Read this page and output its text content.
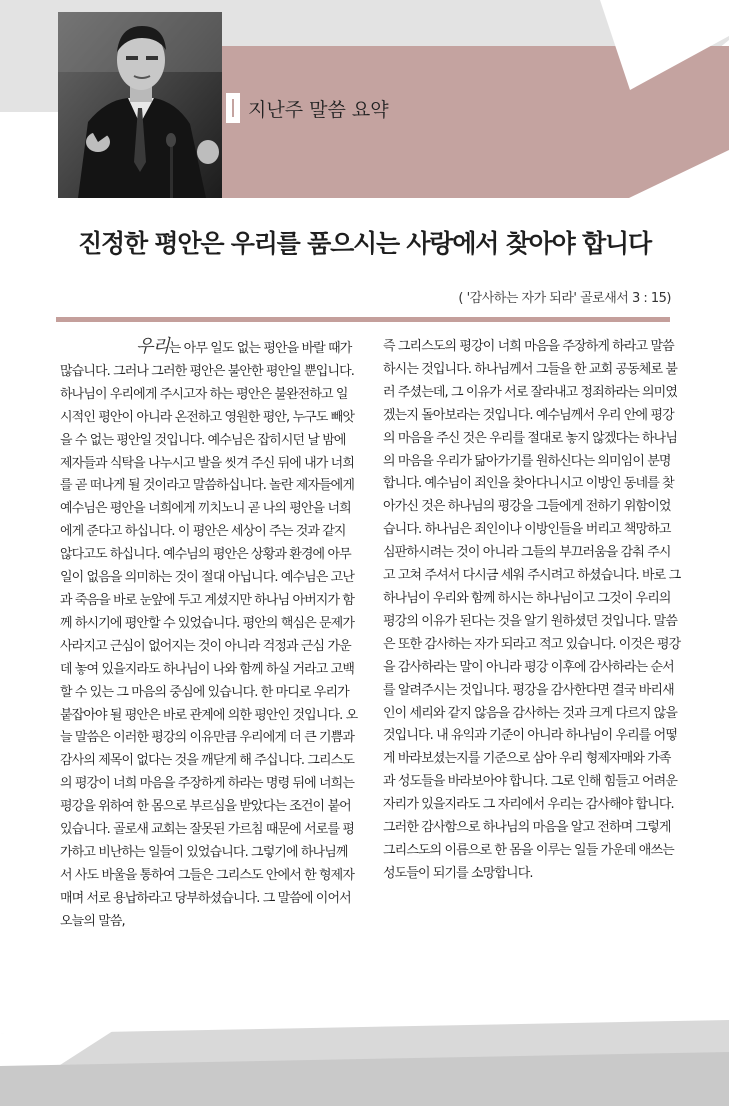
지난주 말씀 요약
진정한 평안은 우리를 품으시는 사랑에서 찾아야 합니다
( '감사하는 자가 되라' 골로새서 3 : 15)

우리는 아무 일도 없는 평안을 바랄 때가 많습니다. 그러나 그러한 평안은 불안한 평안일 뿐입니다. 하나님이 우리에게 주시고자 하는 평안은 불완전하고 일시적인 평안이 아니라 온전하고 영원한 평안, 누구도 빼앗을 수 없는 평안일 것입니다. 예수님은 잡히시던 날 밤에 제자들과 식탁을 나누시고 발을 씻겨 주신 뒤에 내가 너희를 곧 떠나게 될 것이라고 말씀하십니다. 놀란 제자들에게 예수님은 평안을 너희에게 끼치노니 곧 나의 평안을 너희에게 준다고 하십니다. 이 평안은 세상이 주는 것과 같지 않다고도 하십니다. 예수님의 평안은 상황과 환경에 아무 일이 없음을 의미하는 것이 절대 아닙니다. 예수님은 고난과 죽음을 바로 눈앞에 두고 계셨지만 하나님 아버지가 함께 하시기에 평안할 수 있었습니다. 평안의 핵심은 문제가 사라지고 근심이 없어지는 것이 아니라 걱정과 근심 가운데 놓여 있을지라도 하나님이 나와 함께 하실 거라고 고백할 수 있는 그 마음의 중심에 있습니다. 한 마디로 우리가 붙잡아야 될 평안은 바로 관계에 의한 평안인 것입니다. 오늘 말씀은 이러한 평강의 이유만큼 우리에게 더 큰 기쁨과 감사의 제목이 없다는 것을 깨닫게 해 주십니다. 그리스도의 평강이 너희 마음을 주장하게 하라는 명령 뒤에 너희는 평강을 위하여 한 몸으로 부르심을 받았다는 조건이 붙어 있습니다. 골로새 교회는 잘못된 가르침 때문에 서로를 평가하고 비난하는 일들이 있었습니다. 그렇기에 하나님께서 사도 바울을 통하여 그들은 그리스도 안에서 한 형제자매며 서로 용납하라고 당부하셨습니다. 그 말씀에 이어서 오늘의 말씀,

즉 그리스도의 평강이 너희 마음을 주장하게 하라고 말씀하시는 것입니다. 하나님께서 그들을 한 교회 공동체로 불러 주셨는데, 그 이유가 서로 잘라내고 정죄하라는 의미였겠는지 돌아보라는 것입니다. 예수님께서 우리 안에 평강의 마음을 주신 것은 우리를 절대로 놓지 않겠다는 하나님의 마음을 우리가 닮아가기를 원하신다는 의미임이 분명합니다. 예수님이 죄인을 찾아다니시고 이방인 동네를 찾아가신 것은 하나님의 평강을 그들에게 전하기 위함이었습니다. 하나님은 죄인이나 이방인들을 버리고 책망하고 심판하시려는 것이 아니라 그들의 부끄러움을 감춰 주시고 고쳐 주셔서 다시금 세워 주시려고 하셨습니다. 바로 그 하나님이 우리와 함께 하시는 하나님이고 그것이 우리의 평강의 이유가 된다는 것을 알기 원하셨던 것입니다. 말씀은 또한 감사하는 자가 되라고 적고 있습니다. 이것은 평강을 감사하라는 말이 아니라 평강 이후에 감사하라는 순서를 알려주시는 것입니다. 평강을 감사한다면 결국 바리새인이 세리와 같지 않음을 감사하는 것과 크게 다르지 않을 것입니다. 내 유익과 기준이 아니라 하나님이 우리를 어떻게 바라보셨는지를 기준으로 삼아 우리 형제자매와 가족과 성도들을 바라보아야 합니다. 그로 인해 힘들고 어려운 자리가 있을지라도 그 자리에서 우리는 감사해야 합니다. 그러한 감사함으로 하나님의 마음을 알고 전하며 그렇게 그리스도의 이름으로 한 몸을 이루는 일들 가운데 애쓰는 성도들이 되기를 소망합니다.
